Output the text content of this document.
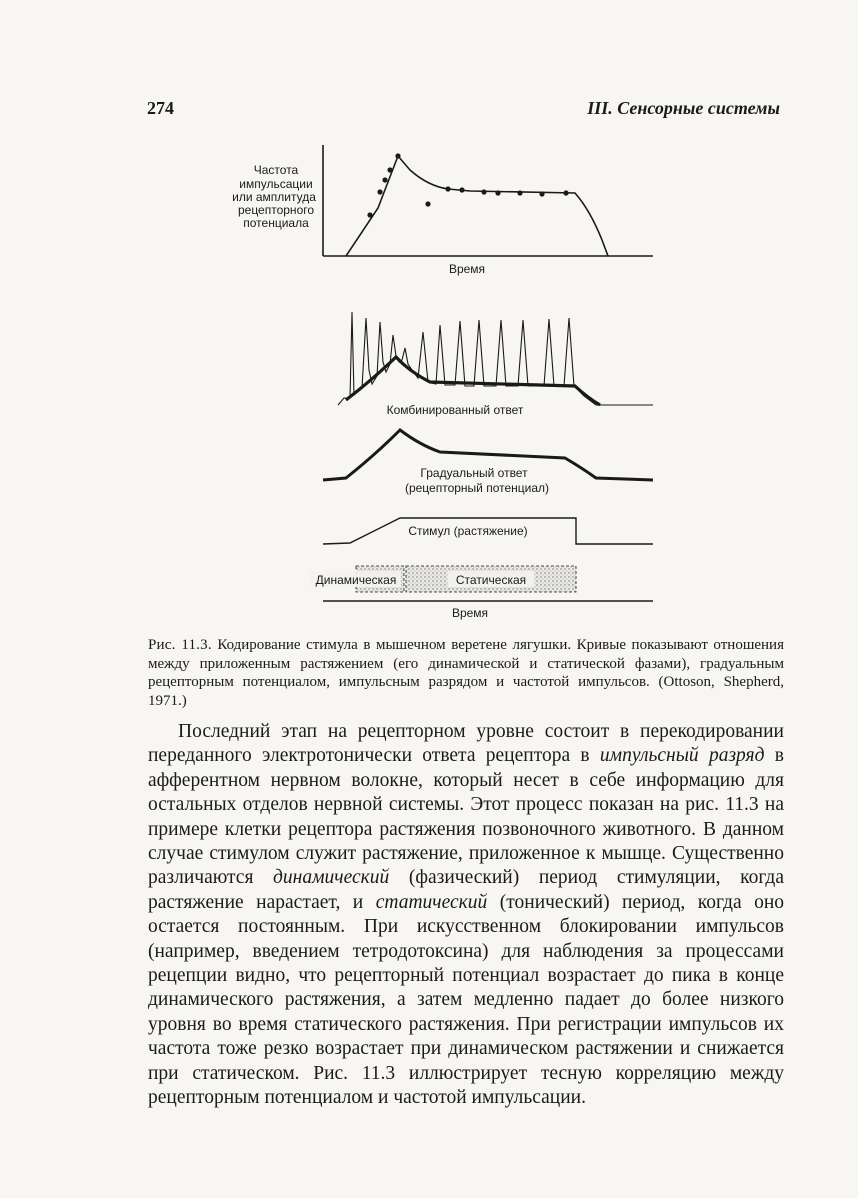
274	III. Сенсорные системы
Частота
импульсации
или амплитуда
рецепторного
потенциала
Время
Комбинированный ответ
Градуальный ответ
(рецепторный потенциал)
Стимул (растяжение)
Динамическая	Статическая
Время
Рис. 11.3. Кодирование стимула в мышечном веретене лягушки. Кривые показывают отношения между приложенным растяжением (его динамической и статической фазами), градуальным рецепторным потенциалом, импульсным разрядом и частотой импульсов. (Ottoson, Shepherd, 1971.)
Последний этап на рецепторном уровне состоит в перекодировании переданного электротонически ответа рецептора в импульсный разряд в афферентном нервном волокне, который несет в себе информацию для остальных отделов нервной системы. Этот процесс показан на рис. 11.3 на примере клетки рецептора растяжения позвоночного животного. В данном случае стимулом служит растяжение, приложенное к мышце. Существенно различаются динамический (фазический) период стимуляции, когда растяжение нарастает, и статический (тонический) период, когда оно остается постоянным. При искусственном блокировании импульсов (например, введением тетродотоксина) для наблюдения за процессами рецепции видно, что рецепторный потенциал возрастает до пика в конце динамического растяжения, а затем медленно падает до более низкого уровня во время статического растяжения. При регистрации импульсов их частота тоже резко возрастает при динамическом растяжении и снижается при статическом. Рис. 11.3 иллюстрирует тесную корреляцию между рецепторным потенциалом и частотой импульсации.
